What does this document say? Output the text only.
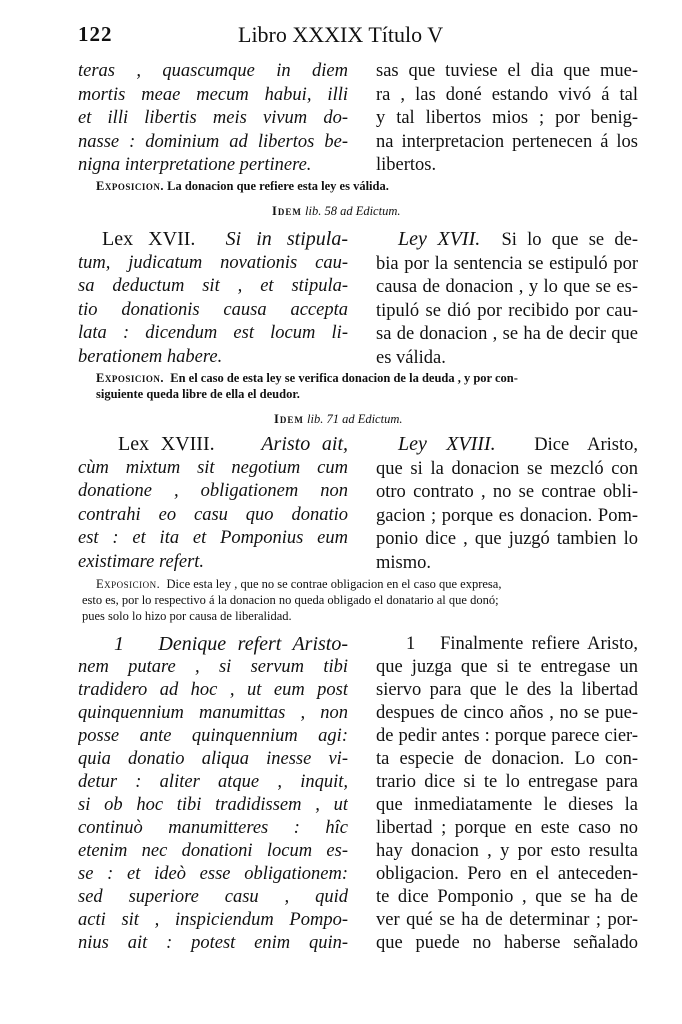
122	Libro XXXIX Título V
teras , quascumque in diem
mortis meae mecum habui, illi
et illi libertis meis vivum do-
nasse : dominium ad libertos be-
nigna interpretatione pertinere.
sas que tuviese el dia que mue-
ra , las doné estando vivó á tal
y tal libertos mios ; por benig-
na interpretacion pertenecen á los
libertos.
Exposicion. La donacion que refiere esta ley es válida.
Idem lib. 58 ad Edictum.
Lex XVII. Si in stipula-
tum, judicatum novationis cau-
sa deductum sit , et stipula-
tio donationis causa accepta
lata : dicendum est locum li-
berationem habere.
Ley XVII. Si lo que se de-
bia por la sentencia se estipuló por
causa de donacion , y lo que se es-
tipuló se dió por recibido por cau-
sa de donacion , se ha de decir que
es válida.
Exposicion. En el caso de esta ley se verifica donacion de la deuda , y por con-
siguiente queda libre de ella el deudor.
Idem lib. 71 ad Edictum.
Lex XVIII. Aristo ait,
cùm mixtum sit negotium cum
donatione , obligationem non
contrahi eo casu quo donatio
est : et ita et Pomponius eum
existimare refert.
Ley XVIII. Dice Aristo,
que si la donacion se mezcló con
otro contrato , no se contrae obli-
gacion ; porque es donacion. Pom-
ponio dice , que juzgó tambien lo
mismo.
Exposicion. Dice esta ley , que no se contrae obligacion en el caso que expresa,
esto es, por lo respectivo á la donacion no queda obligado el donatario al que donó;
pues solo lo hizo por causa de liberalidad.
1 Denique refert Aristo-
nem putare , si servum tibi
tradidero ad hoc , ut eum post
quinquennium manumittas , non
posse ante quinquennium agi:
quia donatio aliqua inesse vi-
detur : aliter atque , inquit,
si ob hoc tibi tradidissem , ut
continuò manumitteres : hîc
etenim nec donationi locum es-
se : et ideò esse obligationem:
sed superiore casu , quid
acti sit , inspiciendum Pompo-
nius ait : potest enim quin-
1 Finalmente refiere Aristo,
que juzga que si te entregase un
siervo para que le des la libertad
despues de cinco años , no se pue-
de pedir antes : porque parece cier-
ta especie de donacion. Lo con-
trario dice si te lo entregase para
que inmediatamente le dieses la
libertad ; porque en este caso no
hay donacion , y por esto resulta
obligacion. Pero en el anteceden-
te dice Pomponio , que se ha de
ver qué se ha de determinar ; por-
que puede no haberse señalado
